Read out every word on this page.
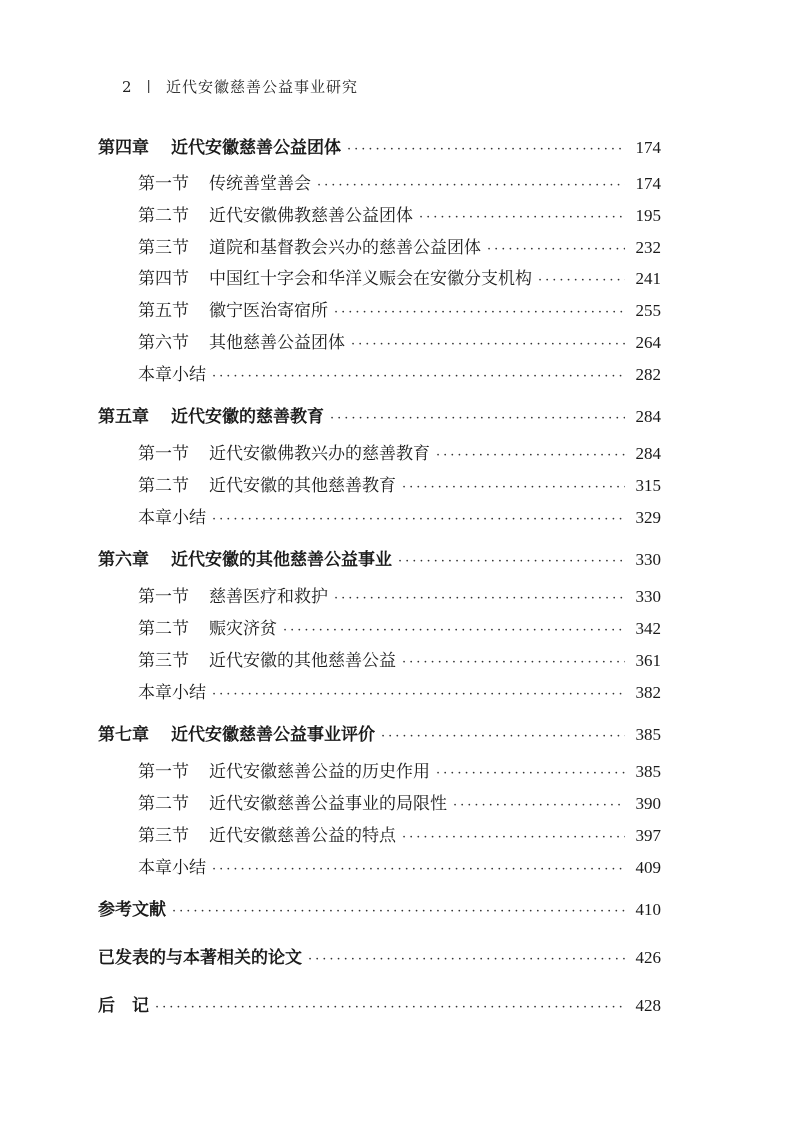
2 | 近代安徽慈善公益事业研究
第四章 近代安徽慈善公益团体 ·····	174
第一节 传统善堂善会 ·····	174
第二节 近代安徽佛教慈善公益团体 ·····	195
第三节 道院和基督教会兴办的慈善公益团体 ·····	232
第四节 中国红十字会和华洋义赈会在安徽分支机构 ·····	241
第五节 徽宁医治寄宿所 ·····	255
第六节 其他慈善公益团体 ·····	264
本章小结 ·····	282
第五章 近代安徽的慈善教育 ·····	284
第一节 近代安徽佛教兴办的慈善教育 ·····	284
第二节 近代安徽的其他慈善教育 ·····	315
本章小结 ·····	329
第六章 近代安徽的其他慈善公益事业 ·····	330
第一节 慈善医疗和救护 ·····	330
第二节 赈灾济贫 ·····	342
第三节 近代安徽的其他慈善公益 ·····	361
本章小结 ·····	382
第七章 近代安徽慈善公益事业评价 ·····	385
第一节 近代安徽慈善公益的历史作用 ·····	385
第二节 近代安徽慈善公益事业的局限性 ·····	390
第三节 近代安徽慈善公益的特点 ·····	397
本章小结 ·····	409
参考文献 ·····	410
已发表的与本著相关的论文 ·····	426
后　记 ·····	428
